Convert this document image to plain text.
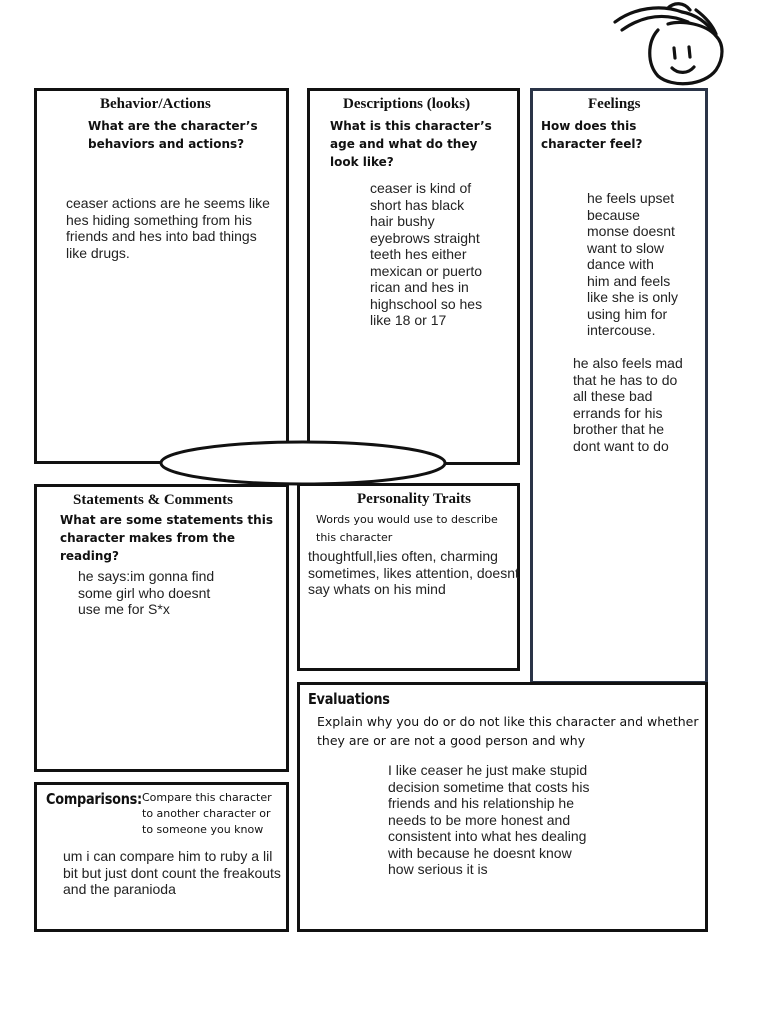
Behavior/Actions
What are the character’s behaviors and actions?
ceaser actions are he seems like hes hiding something from his friends and hes into bad things like drugs.
Descriptions (looks)
What is this character’s age and what do they look like?
ceaser is kind of
short has black
hair bushy
eyebrows straight
teeth hes either
mexican or puerto
rican and hes in
highschool so hes
like 18 or 17
Feelings
How does this character feel?
he feels upset
because
monse doesnt
want to slow
dance with
him and feels
like she is only
using him for
intercouse.
he also feels mad
that he has to do
all these bad
errands for his
brother that he
dont want to do
Statements & Comments
What are some statements this character makes from the reading?
he says:im gonna find
some girl who doesnt
use me for S*x
Personality Traits
Words you would use to describe this character
thoughtfull,lies often, charming sometimes, likes attention, doesnt say whats on his mind
Comparisons: Compare this character to another character or to someone you know
um i can compare him to ruby a lil bit but just dont count the freakouts and the paranioda
Evaluations
Explain why you do or do not like this character and whether they are or are not a good person and why
I like ceaser he just make stupid
decision sometime that costs his
friends and his relationship he
needs to be more honest and
consistent into what hes dealing
with because he doesnt know
how serious it is
